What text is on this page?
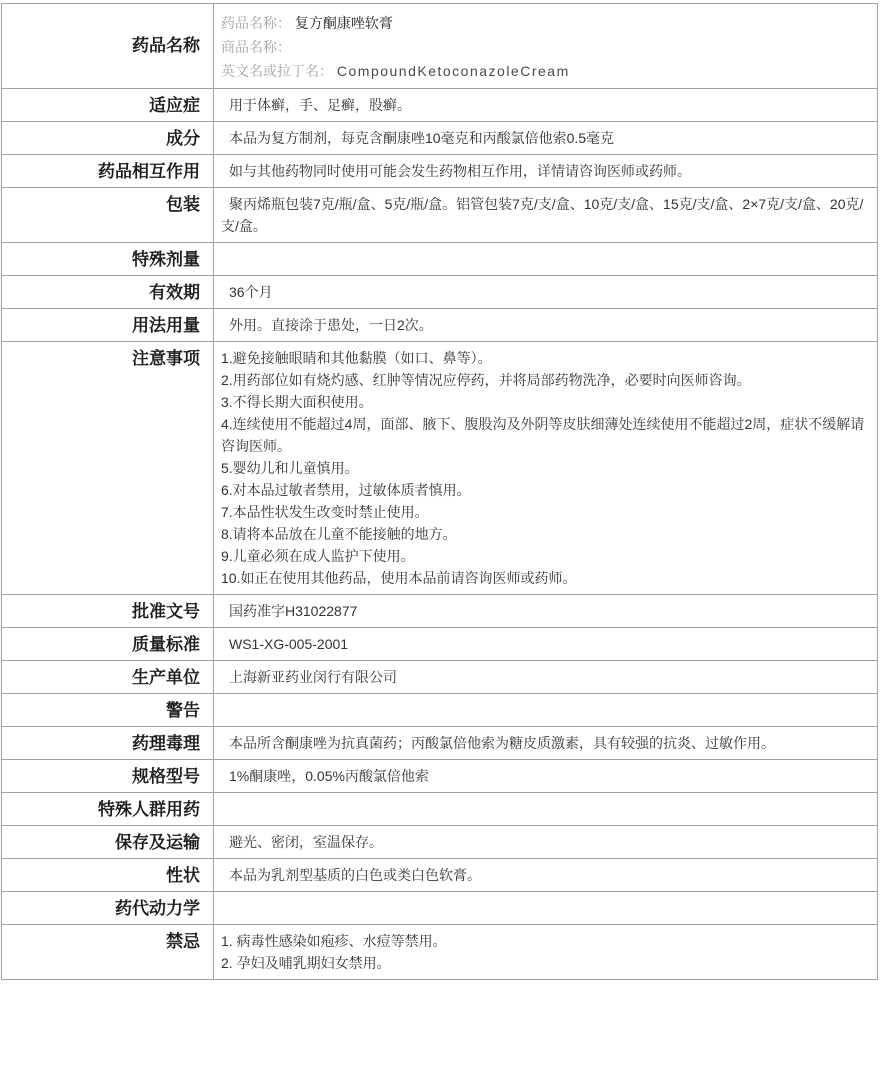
药品名称	药品名称： 复方酮康唑软膏
商品名称：
英文名或拉丁名： CompoundKetoconazoleCream

适应症	用于体癣，手、足癣，股癣。
成分	本品为复方制剂，每克含酮康唑10毫克和丙酸氯倍他索0.5毫克
药品相互作用	如与其他药物同时使用可能会发生药物相互作用，详情请咨询医师或药师。
包装	聚丙烯瓶包装7克/瓶/盒、5克/瓶/盒。铝管包装7克/支/盒、10克/支/盒、15克/支/盒、2×7克/支/盒、20克/支/盒。
特殊剂量	
有效期	36个月
用法用量	外用。直接涂于患处，一日2次。
注意事项	1.避免接触眼睛和其他黏膜（如口、鼻等）。
2.用药部位如有烧灼感、红肿等情况应停药，并将局部药物洗净，必要时向医师咨询。
3.不得长期大面积使用。
4.连续使用不能超过4周，面部、腋下、腹股沟及外阴等皮肤细薄处连续使用不能超过2周，症状不缓解请咨询医师。
5.婴幼儿和儿童慎用。
6.对本品过敏者禁用，过敏体质者慎用。
7.本品性状发生改变时禁止使用。
8.请将本品放在儿童不能接触的地方。
9.儿童必须在成人监护下使用。
10.如正在使用其他药品，使用本品前请咨询医师或药师。

批准文号	国药准字H31022877
质量标准	WS1-XG-005-2001
生产单位	上海新亚药业闵行有限公司
警告	
药理毒理	本品所含酮康唑为抗真菌药；丙酸氯倍他索为糖皮质激素，具有较强的抗炎、过敏作用。
规格型号	1%酮康唑，0.05%丙酸氯倍他索
特殊人群用药	
保存及运输	避光、密闭，室温保存。
性状	本品为乳剂型基质的白色或类白色软膏。
药代动力学	
禁忌	1. 病毒性感染如疱疹、水痘等禁用。
2. 孕妇及哺乳期妇女禁用。
